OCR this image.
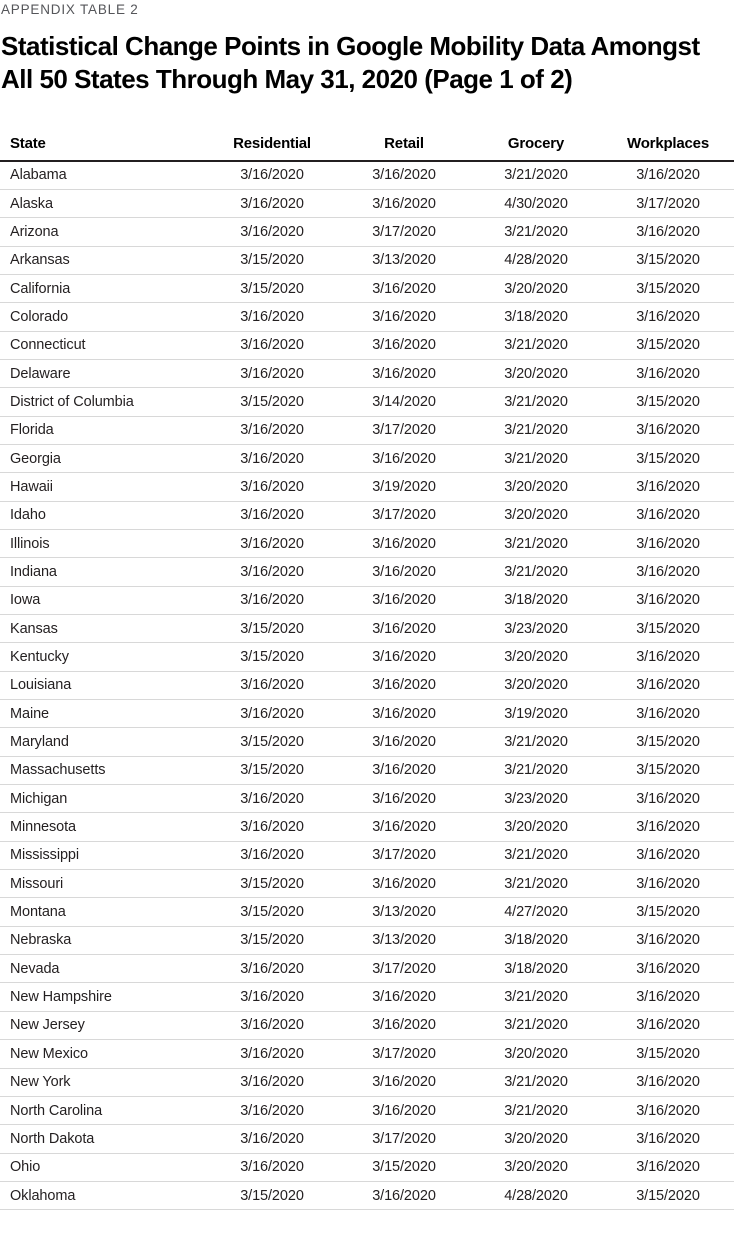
APPENDIX TABLE 2
Statistical Change Points in Google Mobility Data Amongst All 50 States Through May 31, 2020 (Page 1 of 2)
State	Residential	Retail	Grocery	Workplaces
Alabama	3/16/2020	3/16/2020	3/21/2020	3/16/2020
Alaska	3/16/2020	3/16/2020	4/30/2020	3/17/2020
Arizona	3/16/2020	3/17/2020	3/21/2020	3/16/2020
Arkansas	3/15/2020	3/13/2020	4/28/2020	3/15/2020
California	3/15/2020	3/16/2020	3/20/2020	3/15/2020
Colorado	3/16/2020	3/16/2020	3/18/2020	3/16/2020
Connecticut	3/16/2020	3/16/2020	3/21/2020	3/15/2020
Delaware	3/16/2020	3/16/2020	3/20/2020	3/16/2020
District of Columbia	3/15/2020	3/14/2020	3/21/2020	3/15/2020
Florida	3/16/2020	3/17/2020	3/21/2020	3/16/2020
Georgia	3/16/2020	3/16/2020	3/21/2020	3/15/2020
Hawaii	3/16/2020	3/19/2020	3/20/2020	3/16/2020
Idaho	3/16/2020	3/17/2020	3/20/2020	3/16/2020
Illinois	3/16/2020	3/16/2020	3/21/2020	3/16/2020
Indiana	3/16/2020	3/16/2020	3/21/2020	3/16/2020
Iowa	3/16/2020	3/16/2020	3/18/2020	3/16/2020
Kansas	3/15/2020	3/16/2020	3/23/2020	3/15/2020
Kentucky	3/15/2020	3/16/2020	3/20/2020	3/16/2020
Louisiana	3/16/2020	3/16/2020	3/20/2020	3/16/2020
Maine	3/16/2020	3/16/2020	3/19/2020	3/16/2020
Maryland	3/15/2020	3/16/2020	3/21/2020	3/15/2020
Massachusetts	3/15/2020	3/16/2020	3/21/2020	3/15/2020
Michigan	3/16/2020	3/16/2020	3/23/2020	3/16/2020
Minnesota	3/16/2020	3/16/2020	3/20/2020	3/16/2020
Mississippi	3/16/2020	3/17/2020	3/21/2020	3/16/2020
Missouri	3/15/2020	3/16/2020	3/21/2020	3/16/2020
Montana	3/15/2020	3/13/2020	4/27/2020	3/15/2020
Nebraska	3/15/2020	3/13/2020	3/18/2020	3/16/2020
Nevada	3/16/2020	3/17/2020	3/18/2020	3/16/2020
New Hampshire	3/16/2020	3/16/2020	3/21/2020	3/16/2020
New Jersey	3/16/2020	3/16/2020	3/21/2020	3/16/2020
New Mexico	3/16/2020	3/17/2020	3/20/2020	3/15/2020
New York	3/16/2020	3/16/2020	3/21/2020	3/16/2020
North Carolina	3/16/2020	3/16/2020	3/21/2020	3/16/2020
North Dakota	3/16/2020	3/17/2020	3/20/2020	3/16/2020
Ohio	3/16/2020	3/15/2020	3/20/2020	3/16/2020
Oklahoma	3/15/2020	3/16/2020	4/28/2020	3/15/2020
